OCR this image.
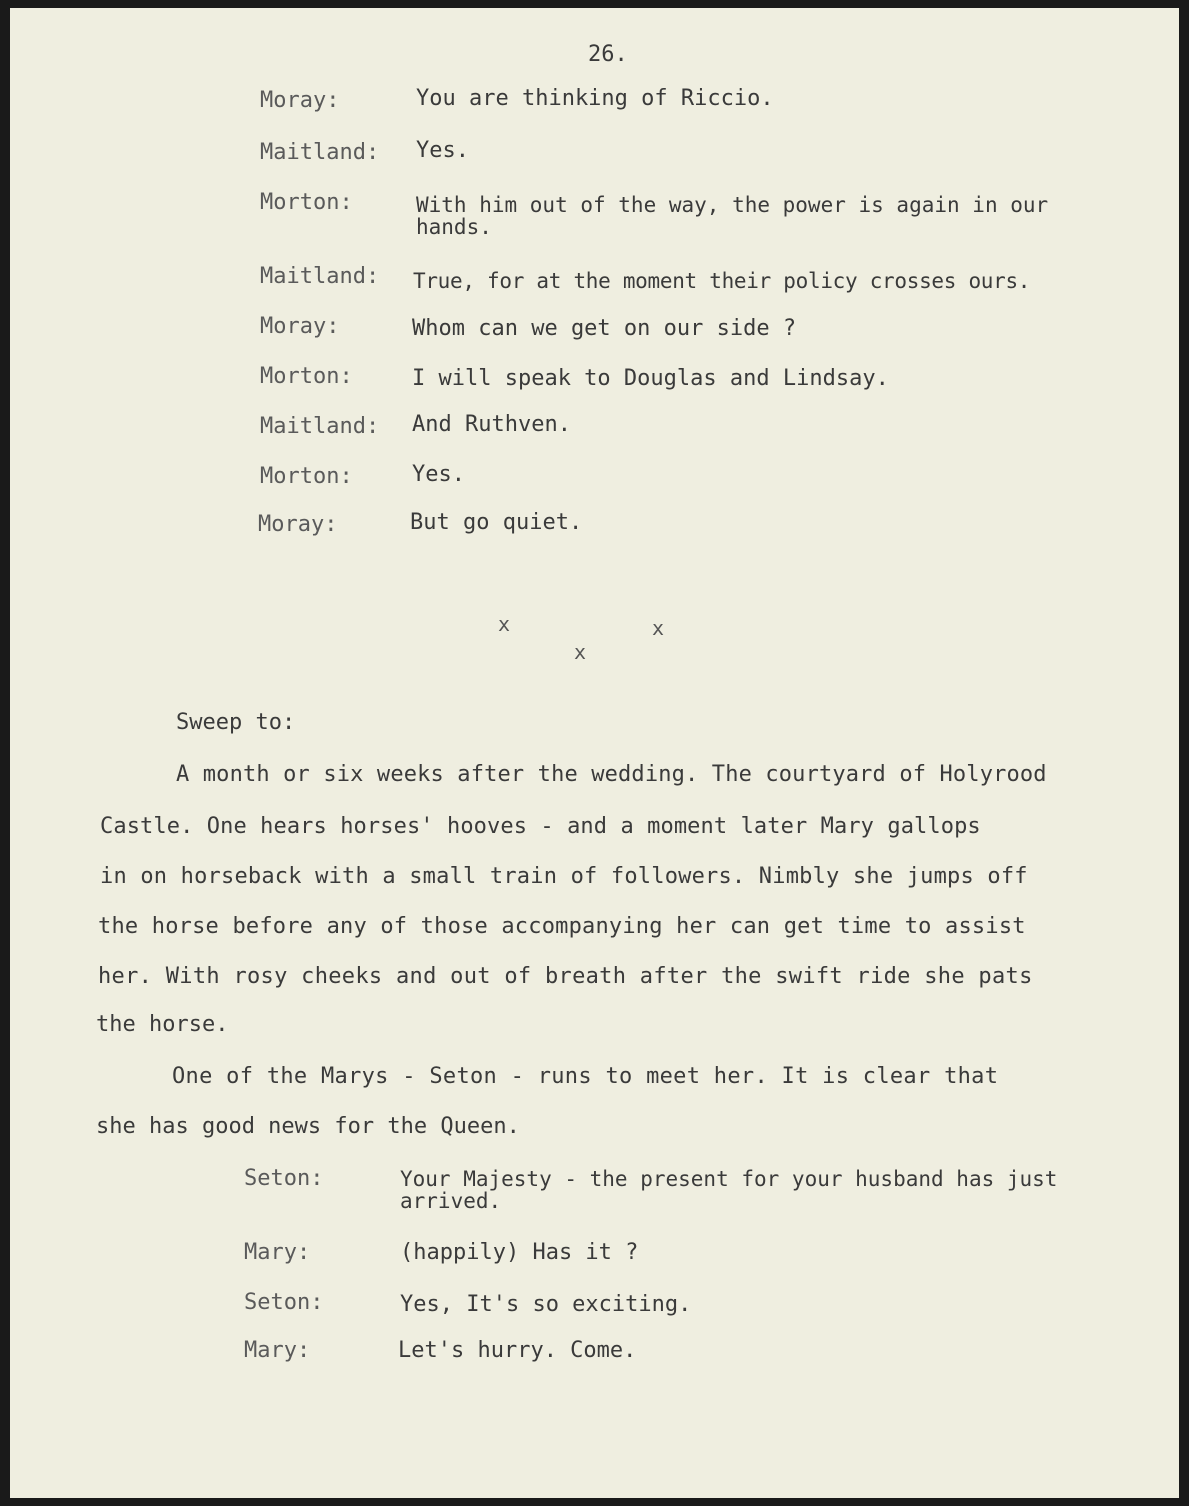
26.
Moray:	You are thinking of Riccio.
Maitland: Yes.
Morton:	With him out of the way, the power is again in our hands.
Maitland: True, for at the moment their policy crosses ours.
Moray:	Whom can we get on our side ?
Morton:	I will speak to Douglas and Lindsay.
Maitland: And Ruthven.
Morton:	Yes.
Moray:	But go quiet.
x	x
x
Sweep to:
A month or six weeks after the wedding. The courtyard of Holyrood
Castle. One hears horses' hooves - and a moment later Mary gallops
in on horseback with a small train of followers. Nimbly she jumps off
the horse before any of those accompanying her can get time to assist
her. With rosy cheeks and out of breath after the swift ride she pats
the horse.
One of the Marys - Seton - runs to meet her. It is clear that
she has good news for the Queen.
Seton:	Your Majesty - the present for your husband has just arrived.
Mary:	(happily) Has it ?
Seton:	Yes, It's so exciting.
Mary:	Let's hurry. Come.
